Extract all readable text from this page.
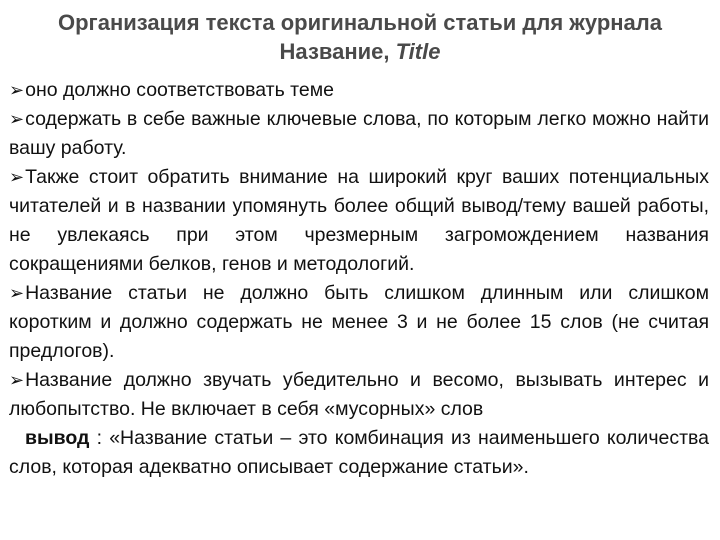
Организация текста оригинальной статьи для журнала
Название, Title

➢оно должно соответствовать теме

➢содержать в себе важные ключевые слова, по которым легко можно найти вашу работу.

➢Также стоит обратить внимание на широкий круг ваших потенциальных читателей и в названии упомянуть более общий вывод/тему вашей работы, не увлекаясь при этом чрезмерным загромождением названия сокращениями белков, генов и методологий.

➢Название статьи не должно быть слишком длинным или слишком коротким и должно содержать не менее 3 и не более 15 слов (не считая предлогов).

➢Название должно звучать убедительно и весомо, вызывать интерес и любопытство. Не включает в себя «мусорных» слов

вывод : «Название статьи – это комбинация из наименьшего количества слов, которая адекватно описывает содержание статьи».
